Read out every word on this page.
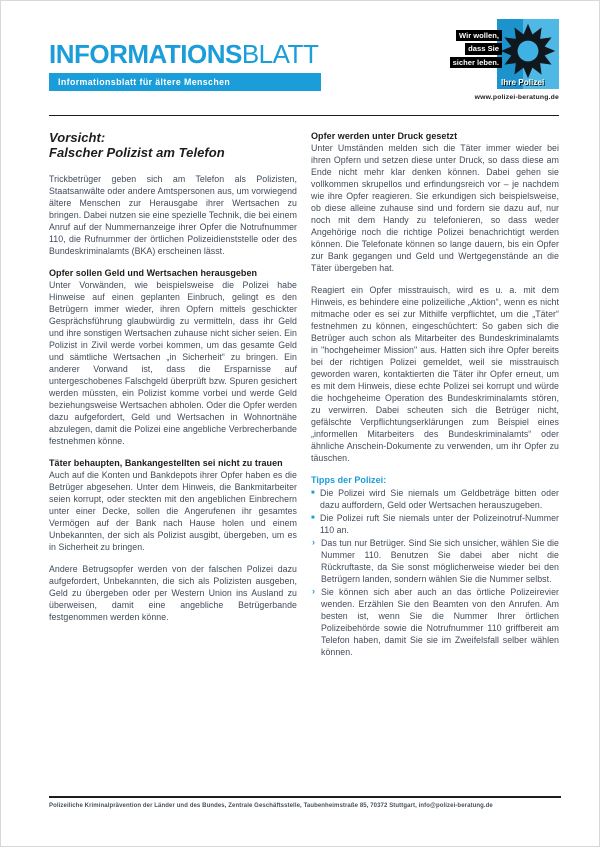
INFORMATIONSBLATT
Informationsblatt für ältere Menschen	Ihre Polizei
Wir wollen,
dass Sie
sicher leben.
www.polizei-beratung.de
Vorsicht:
Falscher Polizist am Telefon

Trickbetrüger geben sich am Telefon als Polizisten, Staatsanwälte oder andere Amtspersonen aus, um vorwiegend ältere Menschen zur Herausgabe ihrer Wertsachen zu bringen. Dabei nutzen sie eine spezielle Technik, die bei einem Anruf auf der Nummernanzeige ihrer Opfer die Notrufnummer 110, die Rufnummer der örtlichen Polizeidienststelle oder des Bundeskriminalamts (BKA) erscheinen lässt.

Opfer sollen Geld und Wertsachen herausgeben

Unter Vorwänden, wie beispielsweise die Polizei habe Hinweise auf einen geplanten Einbruch, gelingt es den Betrügern immer wieder, ihren Opfern mittels geschickter Gesprächsführung glaubwürdig zu vermitteln, dass ihr Geld und ihre sonstigen Wertsachen zuhause nicht sicher seien. Ein Polizist in Zivil werde vorbei kommen, um das gesamte Geld und sämtliche Wertsachen „in Sicherheit“ zu bringen. Ein anderer Vorwand ist, dass die Ersparnisse auf untergeschobenes Falschgeld überprüft bzw. Spuren gesichert werden müssten, ein Polizist komme vorbei und werde Geld beziehungsweise Wertsachen abholen. Oder die Opfer werden dazu aufgefordert, Geld und Wertsachen in Wohnortnähe abzulegen, damit die Polizei eine angebliche Verbrecherbande festnehmen könne.

Täter behaupten, Bankangestellten sei nicht zu trauen

Auch auf die Konten und Bankdepots ihrer Opfer haben es die Betrüger abgesehen. Unter dem Hinweis, die Bankmitarbeiter seien korrupt, oder steckten mit den angeblichen Einbrechern unter einer Decke, sollen die Angerufenen ihr gesamtes Vermögen auf der Bank nach Hause holen und einem Unbekannten, der sich als Polizist ausgibt, übergeben, um es in Sicherheit zu bringen.

Andere Betrugsopfer werden von der falschen Polizei dazu aufgefordert, Unbekannten, die sich als Polizisten ausgeben, Geld zu übergeben oder per Western Union ins Ausland zu überweisen, damit eine angebliche Betrügerbande festgenommen werden könne.

Opfer werden unter Druck gesetzt

Unter Umständen melden sich die Täter immer wieder bei ihren Opfern und setzen diese unter Druck, so dass diese am Ende nicht mehr klar denken können. Dabei gehen sie vollkommen skrupellos und erfindungsreich vor – je nachdem wie ihre Opfer reagieren. Sie erkundigen sich beispielsweise, ob diese alleine zuhause sind und fordern sie dazu auf, nur noch mit dem Handy zu telefonieren, so dass weder Angehörige noch die richtige Polizei benachrichtigt werden können. Die Telefonate können so lange dauern, bis ein Opfer zur Bank gegangen und Geld und Wertgegenstände an die Täter übergeben hat.

Reagiert ein Opfer misstrauisch, wird es u. a. mit dem Hinweis, es behindere eine polizeiliche „Aktion“, wenn es nicht mitmache oder es sei zur Mithilfe verpflichtet, um die „Täter“ festnehmen zu können, eingeschüchtert: So gaben sich die Betrüger auch schon als Mitarbeiter des Bundeskriminalamts in "hochgeheimer Mission" aus. Hatten sich ihre Opfer bereits bei der richtigen Polizei gemeldet, weil sie misstrauisch geworden waren, kontaktierten die Täter ihr Opfer erneut, um es mit dem Hinweis, diese echte Polizei sei korrupt und würde die hochgeheime Operation des Bundeskriminalamts stören, zu verwirren. Dabei scheuten sich die Betrüger nicht, gefälschte Verpflichtungserklärungen zum Beispiel eines „informellen Mitarbeiters des Bundeskriminalamts“ oder ähnliche Anschein-Dokumente zu verwenden, um ihr Opfer zu täuschen.

Tipps der Polizei:
■ Die Polizei wird Sie niemals um Geldbeträge bitten oder dazu auffordern, Geld oder Wertsachen herauszugeben.
■ Die Polizei ruft Sie niemals unter der Polizeinotruf-Nummer 110 an.
› Das tun nur Betrüger. Sind Sie sich unsicher, wählen Sie die Nummer 110. Benutzen Sie dabei aber nicht die Rückruftaste, da Sie sonst möglicherweise wieder bei den Betrügern landen, sondern wählen Sie die Nummer selbst.
› Sie können sich aber auch an das örtliche Polizeirevier wenden. Erzählen Sie den Beamten von den Anrufen. Am besten ist, wenn Sie die Nummer Ihrer örtlichen Polizeibehörde sowie die Notrufnummer 110 griffbereit am Telefon haben, damit Sie sie im Zweifelsfall selber wählen können.
Polizeiliche Kriminalprävention der Länder und des Bundes, Zentrale Geschäftsstelle, Taubenheimstraße 85, 70372 Stuttgart, info@polizei-beratung.de
